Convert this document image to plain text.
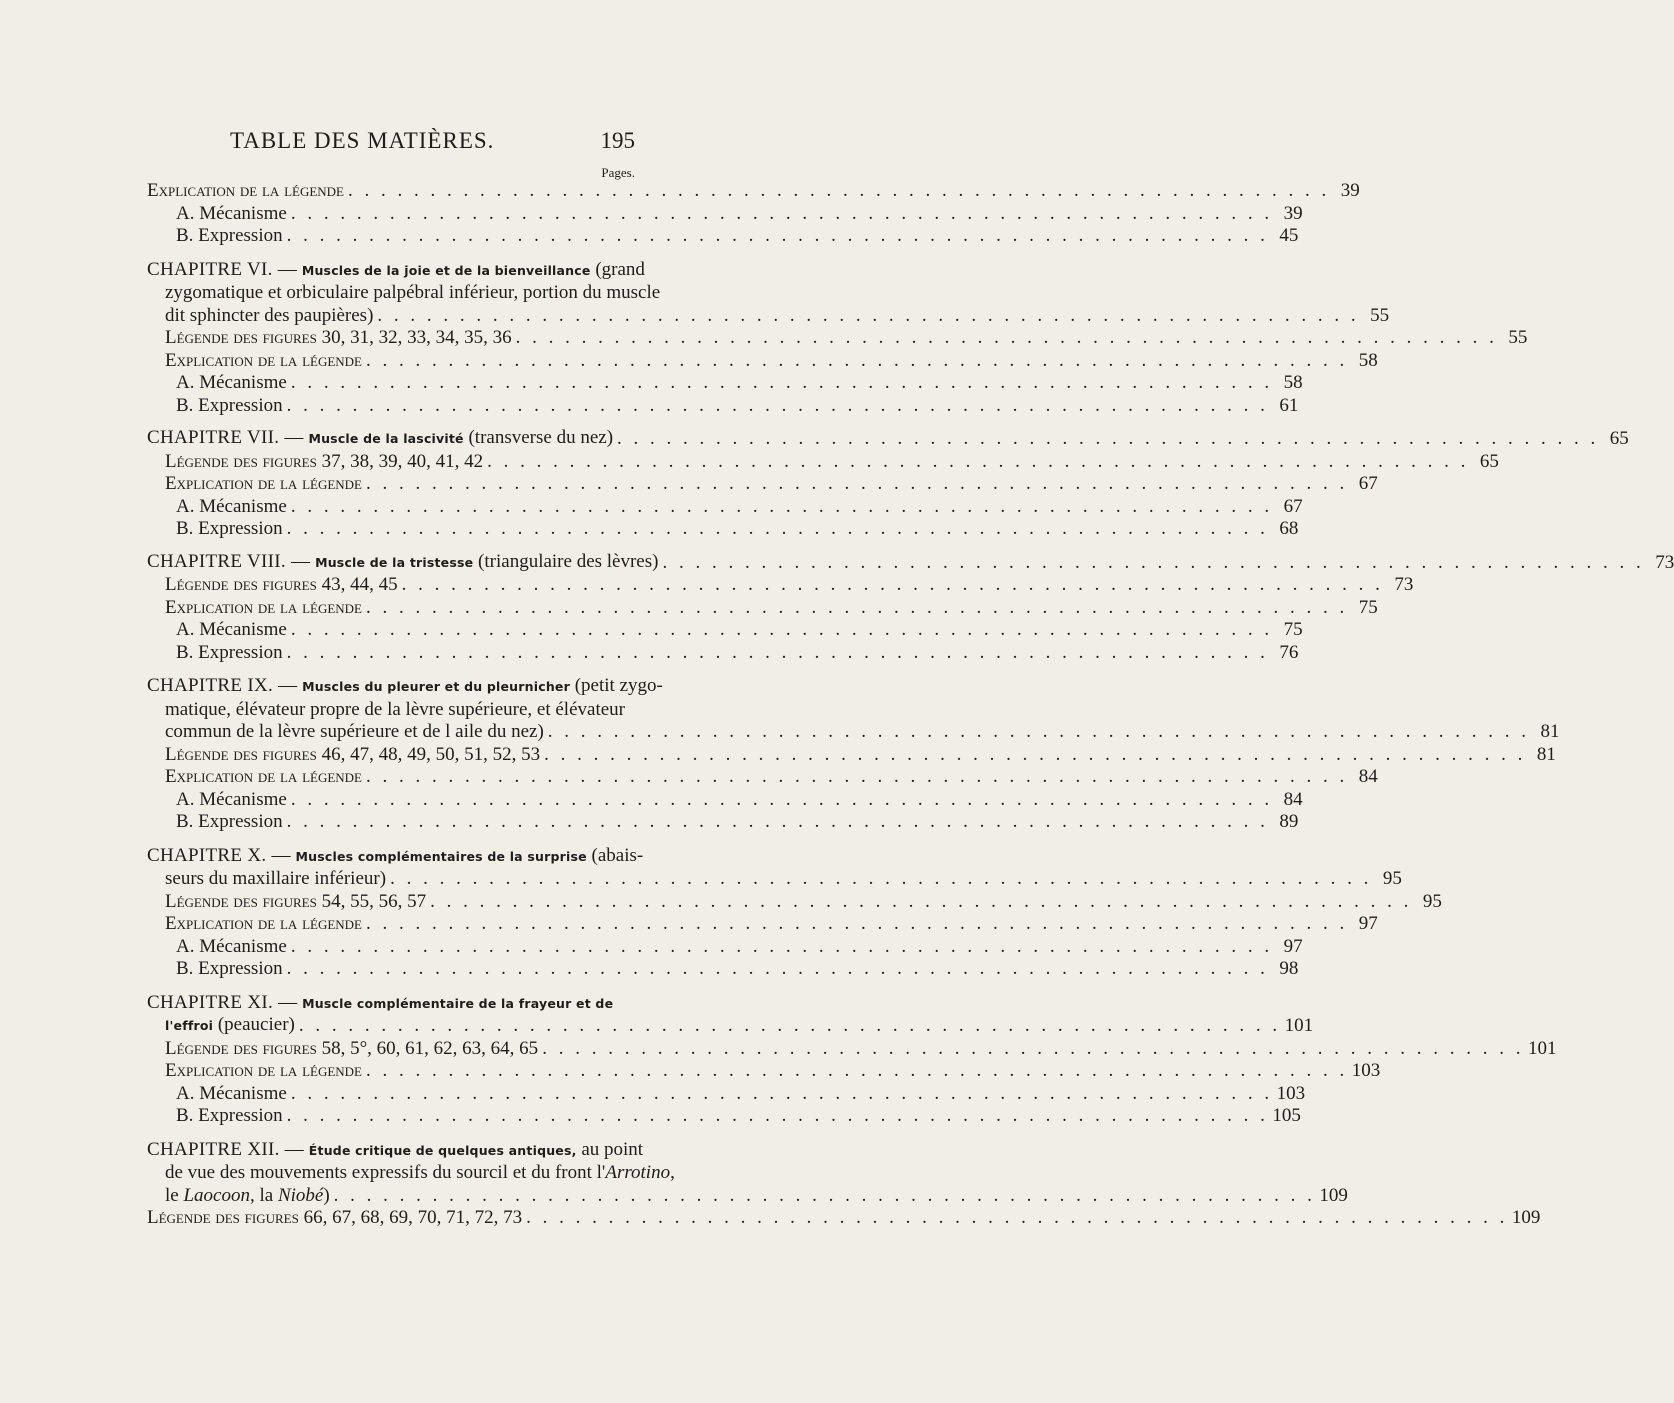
TABLE DES MATIÈRES.	195
Pages.
Explication de la légende . . .	39
A. Mécanisme . . .	39
B. Expression . . .	45
CHAPITRE VI. — Muscles de la joie et de la bienveillance (grand
zygomatique et orbiculaire palpébral inférieur, portion du muscle
dit sphincter des paupières) . . .	55
Légende des figures 30, 31, 32, 33, 34, 35, 36 . . .	55
Explication de la légende . . .	58
A. Mécanisme . . .	58
B. Expression . . .	61
CHAPITRE VII. — Muscle de la lascivité (transverse du nez) . . .	65
Légende des figures 37, 38, 39, 40, 41, 42 . . .	65
Explication de la légende . . .	67
A. Mécanisme . . .	67
B. Expression . . .	68
CHAPITRE VIII. — Muscle de la tristesse (triangulaire des lèvres) . . .	73
Légende des figures 43, 44, 45 . . .	73
Explication de la légende . . .	75
A. Mécanisme . . .	75
B. Expression . . .	76
CHAPITRE IX. — Muscles du pleurer et du pleurnicher (petit zygo-
matique, élévateur propre de la lèvre supérieure, et élévateur
commun de la lèvre supérieure et de l aile du nez) . . .	81
Légende des figures 46, 47, 48, 49, 50, 51, 52, 53 . . .	81
Explication de la légende . . .	84
A. Mécanisme . . .	84
B. Expression . . .	89
CHAPITRE X. — Muscles complémentaires de la surprise (abais-
seurs du maxillaire inférieur) . . .	95
Légende des figures 54, 55, 56, 57 . . .	95
Explication de la légende . . .	97
A. Mécanisme . . .	97
B. Expression . . .	98
CHAPITRE XI. — Muscle complémentaire de la frayeur et de
l'effroi (peaucier) . . .	101
Légende des figures 58, 5°, 60, 61, 62, 63, 64, 65 . . .	101
Explication de la légende . . .	103
A. Mécanisme . . .	103
B. Expression . . .	105
CHAPITRE XII. — Étude critique de quelques antiques, au point
de vue des mouvements expressifs du sourcil et du front l'Arrotino,
le Laocoon, la Niobé) . . .	109
Légende des figures 66, 67, 68, 69, 70, 71, 72, 73 . . .	109
